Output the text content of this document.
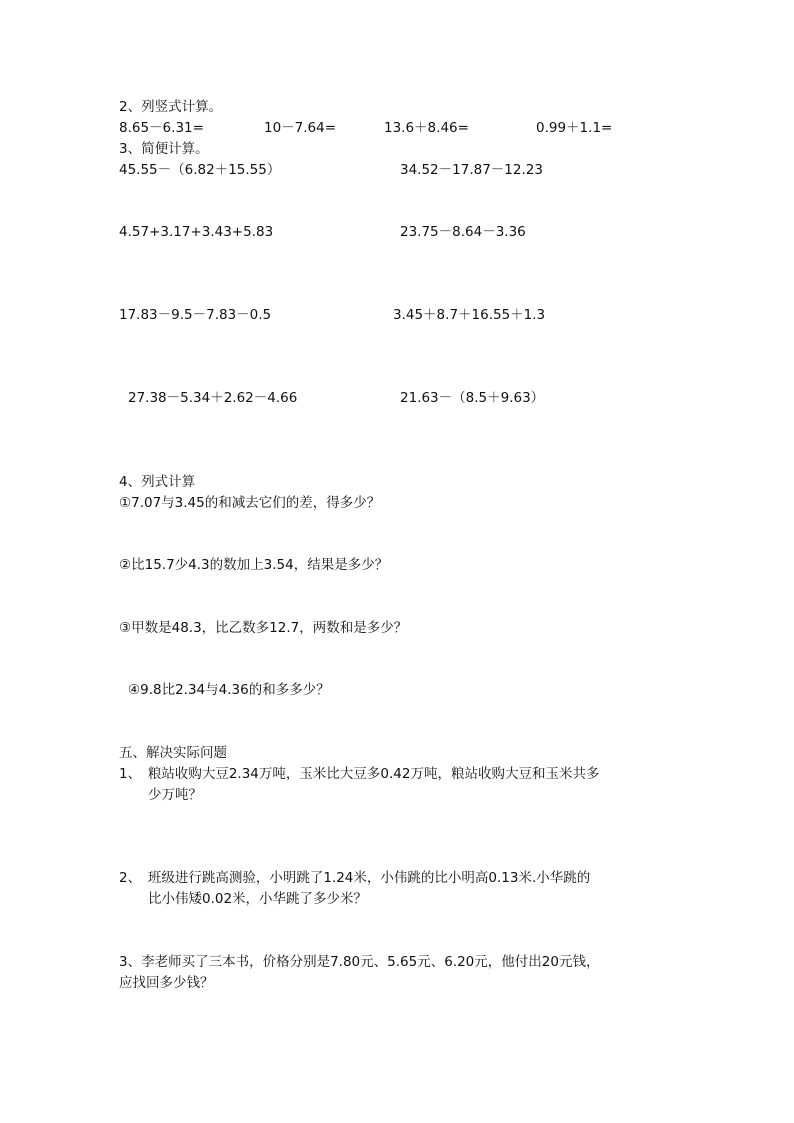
2、列竖式计算。
8.65－6.31=	10－7.64=	13.6＋8.46=	0.99＋1.1=
3、简便计算。
45.55－（6.82＋15.55）	34.52－17.87－12.23
4.57+3.17+3.43+5.83	23.75－8.64－3.36
17.83－9.5－7.83－0.5	3.45＋8.7＋16.55＋1.3
27.38－5.34＋2.62－4.66	21.63－（8.5＋9.63）
4、列式计算
①7.07与3.45的和减去它们的差，得多少？
②比15.7少4.3的数加上3.54，结果是多少？
③甲数是48.3，比乙数多12.7，两数和是多少？
④9.8比2.34与4.36的和多多少？
五、解决实际问题
1、　粮站收购大豆2.34万吨，玉米比大豆多0.42万吨，粮站收购大豆和玉米共多
少万吨？
2、　班级进行跳高测验，小明跳了1.24米，小伟跳的比小明高0.13米.小华跳的
比小伟矮0.02米，小华跳了多少米？
3、李老师买了三本书，价格分别是7.80元、5.65元、6.20元，他付出20元钱，
应找回多少钱？
